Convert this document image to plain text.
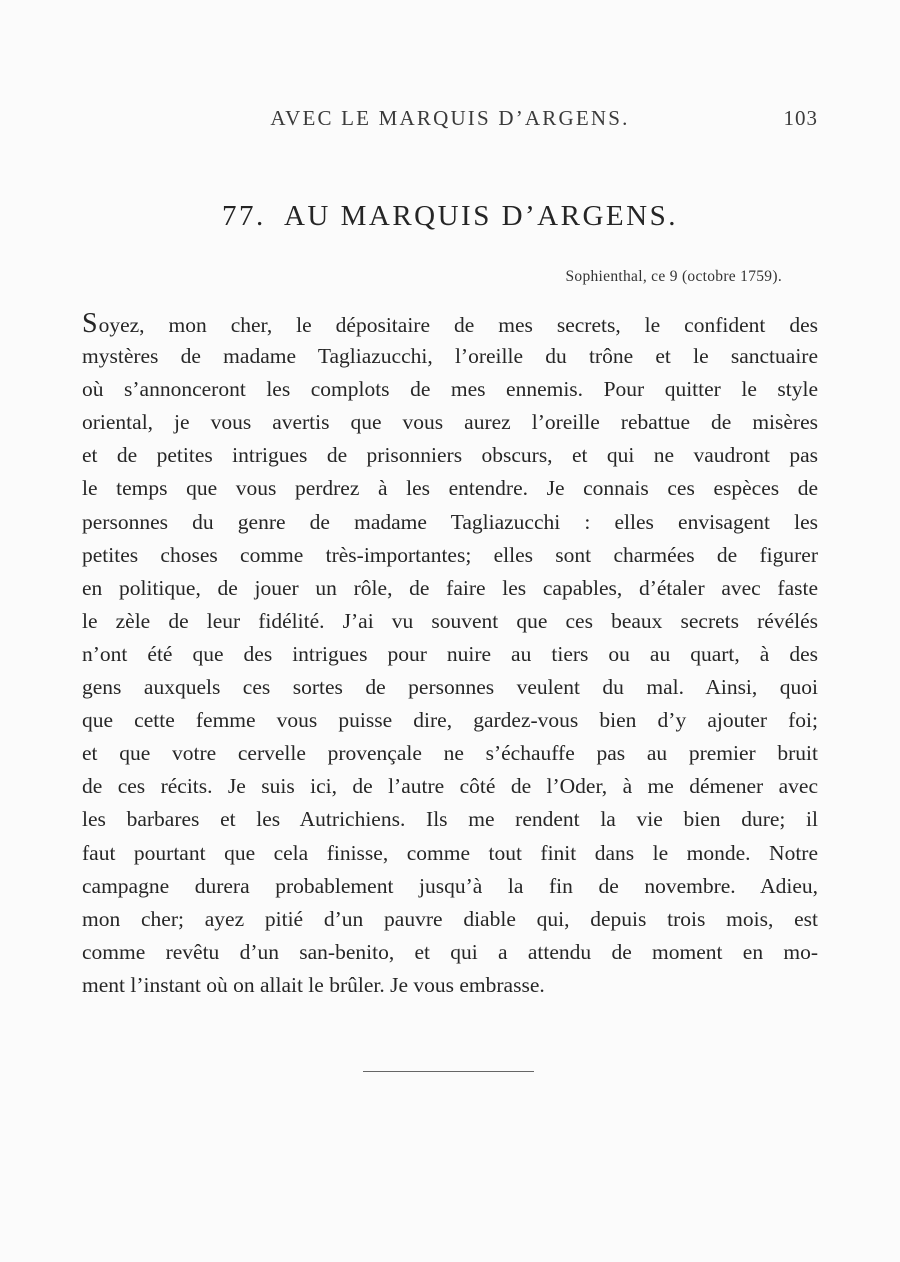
AVEC LE MARQUIS D’ARGENS.	103
77. AU MARQUIS D’ARGENS.
Sophienthal, ce 9 (octobre 1759).
Soyez, mon cher, le dépositaire de mes secrets, le confident des
mystères de madame Tagliazucchi, l’oreille du trône et le sanctuaire
où s’annonceront les complots de mes ennemis. Pour quitter le style
oriental, je vous avertis que vous aurez l’oreille rebattue de misères
et de petites intrigues de prisonniers obscurs, et qui ne vaudront pas
le temps que vous perdrez à les entendre. Je connais ces espèces de
personnes du genre de madame Tagliazucchi : elles envisagent les
petites choses comme très-importantes; elles sont charmées de figurer
en politique, de jouer un rôle, de faire les capables, d’étaler avec faste
le zèle de leur fidélité. J’ai vu souvent que ces beaux secrets révélés
n’ont été que des intrigues pour nuire au tiers ou au quart, à des
gens auxquels ces sortes de personnes veulent du mal. Ainsi, quoi
que cette femme vous puisse dire, gardez-vous bien d’y ajouter foi;
et que votre cervelle provençale ne s’échauffe pas au premier bruit
de ces récits. Je suis ici, de l’autre côté de l’Oder, à me démener avec
les barbares et les Autrichiens. Ils me rendent la vie bien dure; il
faut pourtant que cela finisse, comme tout finit dans le monde. Notre
campagne durera probablement jusqu’à la fin de novembre. Adieu,
mon cher; ayez pitié d’un pauvre diable qui, depuis trois mois, est
comme revêtu d’un san-benito, et qui a attendu de moment en mo-
ment l’instant où on allait le brûler. Je vous embrasse.
